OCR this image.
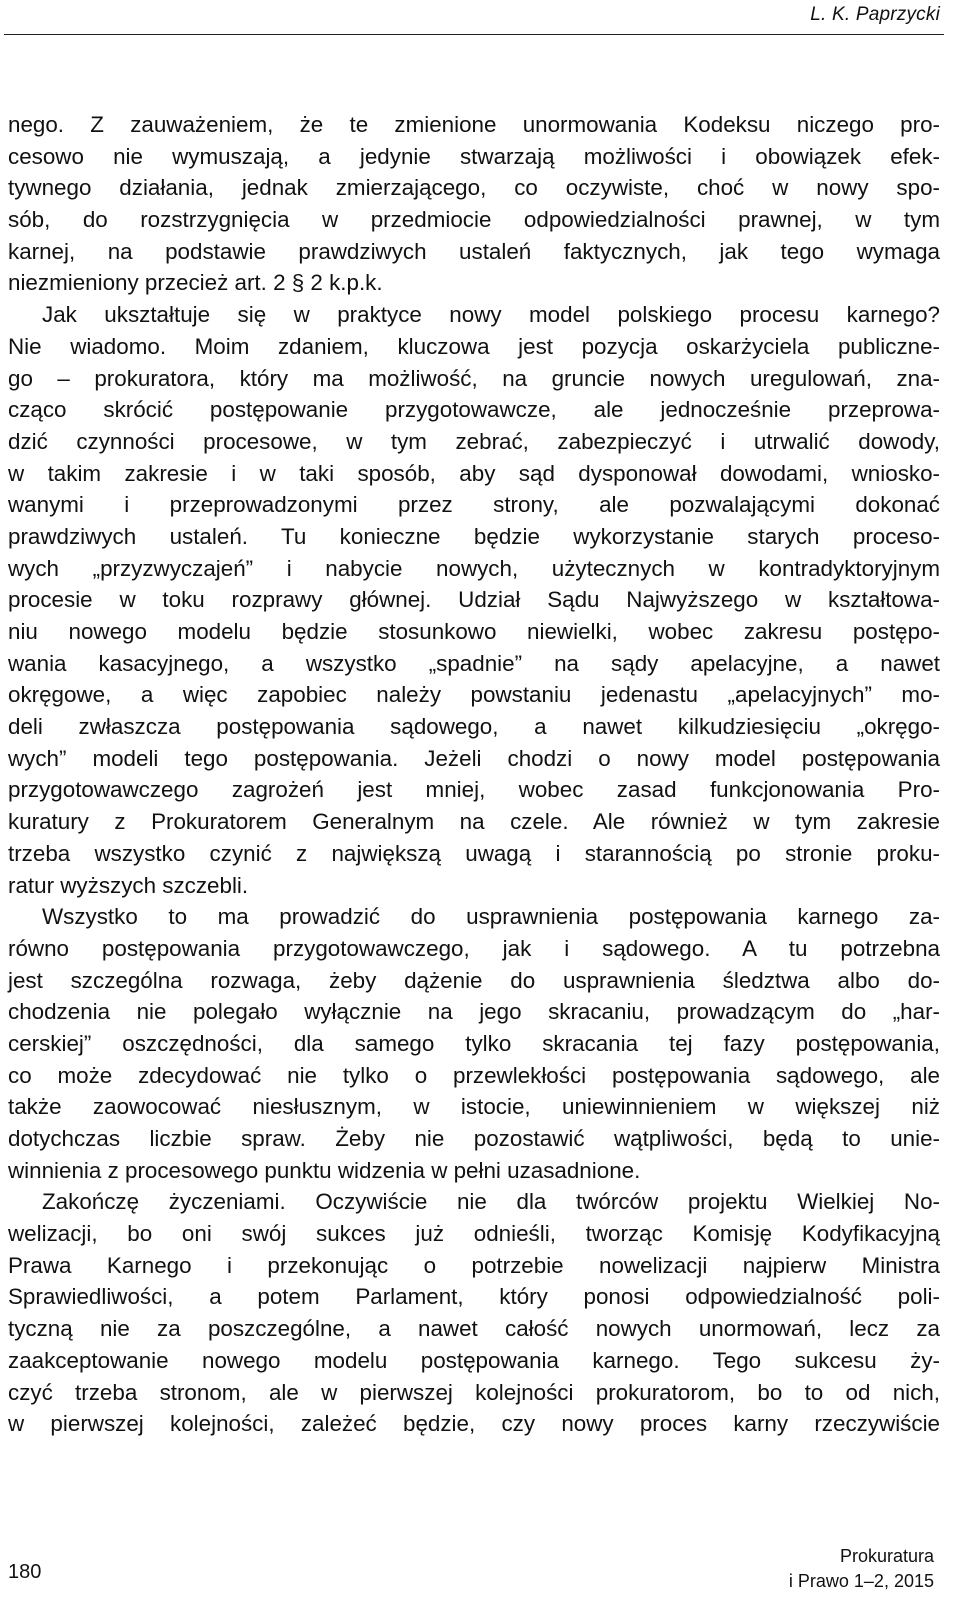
L. K. Paprzycki
nego. Z zauważeniem, że te zmienione unormowania Kodeksu niczego pro-
cesowo nie wymuszają, a jedynie stwarzają możliwości i obowiązek efek-
tywnego działania, jednak zmierzającego, co oczywiste, choć w nowy spo-
sób, do rozstrzygnięcia w przedmiocie odpowiedzialności prawnej, w tym
karnej, na podstawie prawdziwych ustaleń faktycznych, jak tego wymaga
niezmieniony przecież art. 2 § 2 k.p.k.
Jak ukształtuje się w praktyce nowy model polskiego procesu karnego?
Nie wiadomo. Moim zdaniem, kluczowa jest pozycja oskarżyciela publiczne-
go – prokuratora, który ma możliwość, na gruncie nowych uregulowań, zna-
cząco skrócić postępowanie przygotowawcze, ale jednocześnie przeprowa-
dzić czynności procesowe, w tym zebrać, zabezpieczyć i utrwalić dowody,
w takim zakresie i w taki sposób, aby sąd dysponował dowodami, wniosko-
wanymi i przeprowadzonymi przez strony, ale pozwalającymi dokonać
prawdziwych ustaleń. Tu konieczne będzie wykorzystanie starych proceso-
wych „przyzwyczajeń” i nabycie nowych, użytecznych w kontradyktoryjnym
procesie w toku rozprawy głównej. Udział Sądu Najwyższego w kształtowa-
niu nowego modelu będzie stosunkowo niewielki, wobec zakresu postępo-
wania kasacyjnego, a wszystko „spadnie” na sądy apelacyjne, a nawet
okręgowe, a więc zapobiec należy powstaniu jedenastu „apelacyjnych” mo-
deli zwłaszcza postępowania sądowego, a nawet kilkudziesięciu „okręgo-
wych” modeli tego postępowania. Jeżeli chodzi o nowy model postępowania
przygotowawczego zagrożeń jest mniej, wobec zasad funkcjonowania Pro-
kuratury z Prokuratorem Generalnym na czele. Ale również w tym zakresie
trzeba wszystko czynić z największą uwagą i starannością po stronie proku-
ratur wyższych szczebli.
Wszystko to ma prowadzić do usprawnienia postępowania karnego za-
równo postępowania przygotowawczego, jak i sądowego. A tu potrzebna
jest szczególna rozwaga, żeby dążenie do usprawnienia śledztwa albo do-
chodzenia nie polegało wyłącznie na jego skracaniu, prowadzącym do „har-
cerskiej” oszczędności, dla samego tylko skracania tej fazy postępowania,
co może zdecydować nie tylko o przewlekłości postępowania sądowego, ale
także zaowocować niesłusznym, w istocie, uniewinnieniem w większej niż
dotychczas liczbie spraw. Żeby nie pozostawić wątpliwości, będą to unie-
winnienia z procesowego punktu widzenia w pełni uzasadnione.
Zakończę życzeniami. Oczywiście nie dla twórców projektu Wielkiej No-
welizacji, bo oni swój sukces już odnieśli, tworząc Komisję Kodyfikacyjną
Prawa Karnego i przekonując o potrzebie nowelizacji najpierw Ministra
Sprawiedliwości, a potem Parlament, który ponosi odpowiedzialność poli-
tyczną nie za poszczególne, a nawet całość nowych unormowań, lecz za
zaakceptowanie nowego modelu postępowania karnego. Tego sukcesu ży-
czyć trzeba stronom, ale w pierwszej kolejności prokuratorom, bo to od nich,
w pierwszej kolejności, zależeć będzie, czy nowy proces karny rzeczywiście
180
Prokuratura
i Prawo 1–2, 2015
